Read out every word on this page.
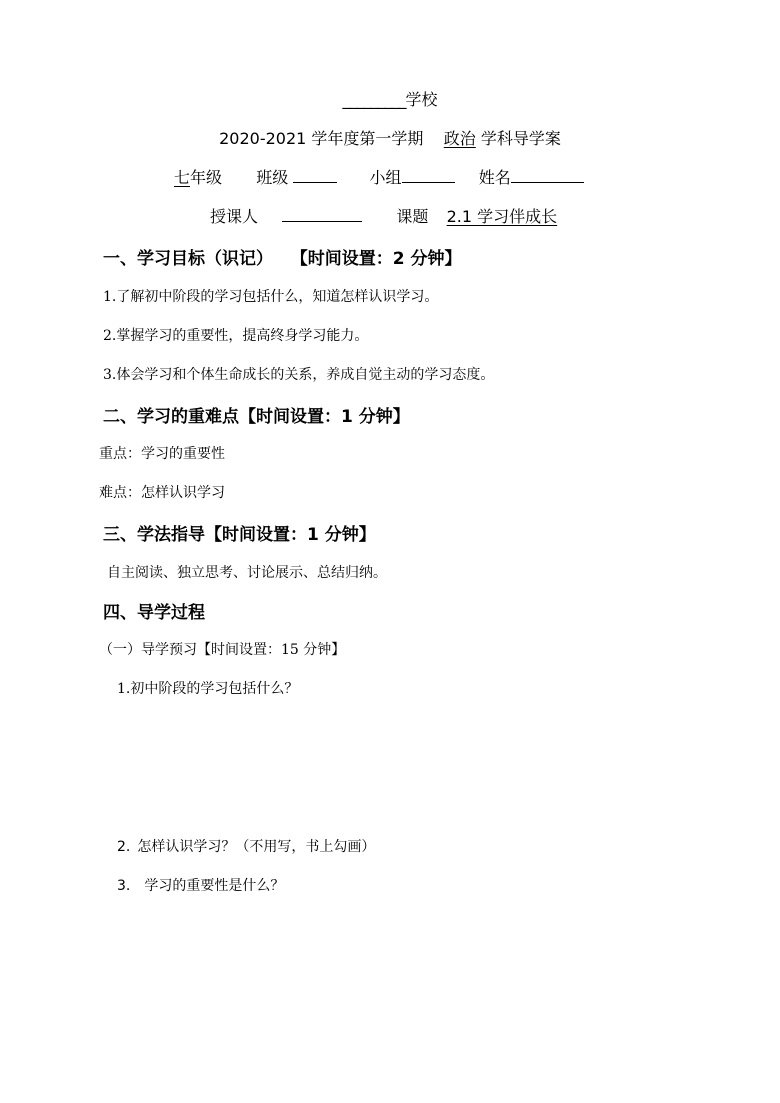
_________学校
2020-2021 学年度第一学期 政治 学科导学案
七年级 班级	小组	姓名
授课人	课题 2.1 学习伴成长
一、学习目标（识记） 【时间设置：2 分钟】
1.了解初中阶段的学习包括什么，知道怎样认识学习。
2.掌握学习的重要性，提高终身学习能力。
3.体会学习和个体生命成长的关系，养成自觉主动的学习态度。
二、学习的重难点【时间设置：1 分钟】
重点：学习的重要性
难点：怎样认识学习
三、学法指导【时间设置：1 分钟】
自主阅读、独立思考、讨论展示、总结归纳。
四、导学过程
（一）导学预习【时间设置：15 分钟】
1.初中阶段的学习包括什么？
2. 怎样认识学习？（不用写，书上勾画）
3. 学习的重要性是什么？
